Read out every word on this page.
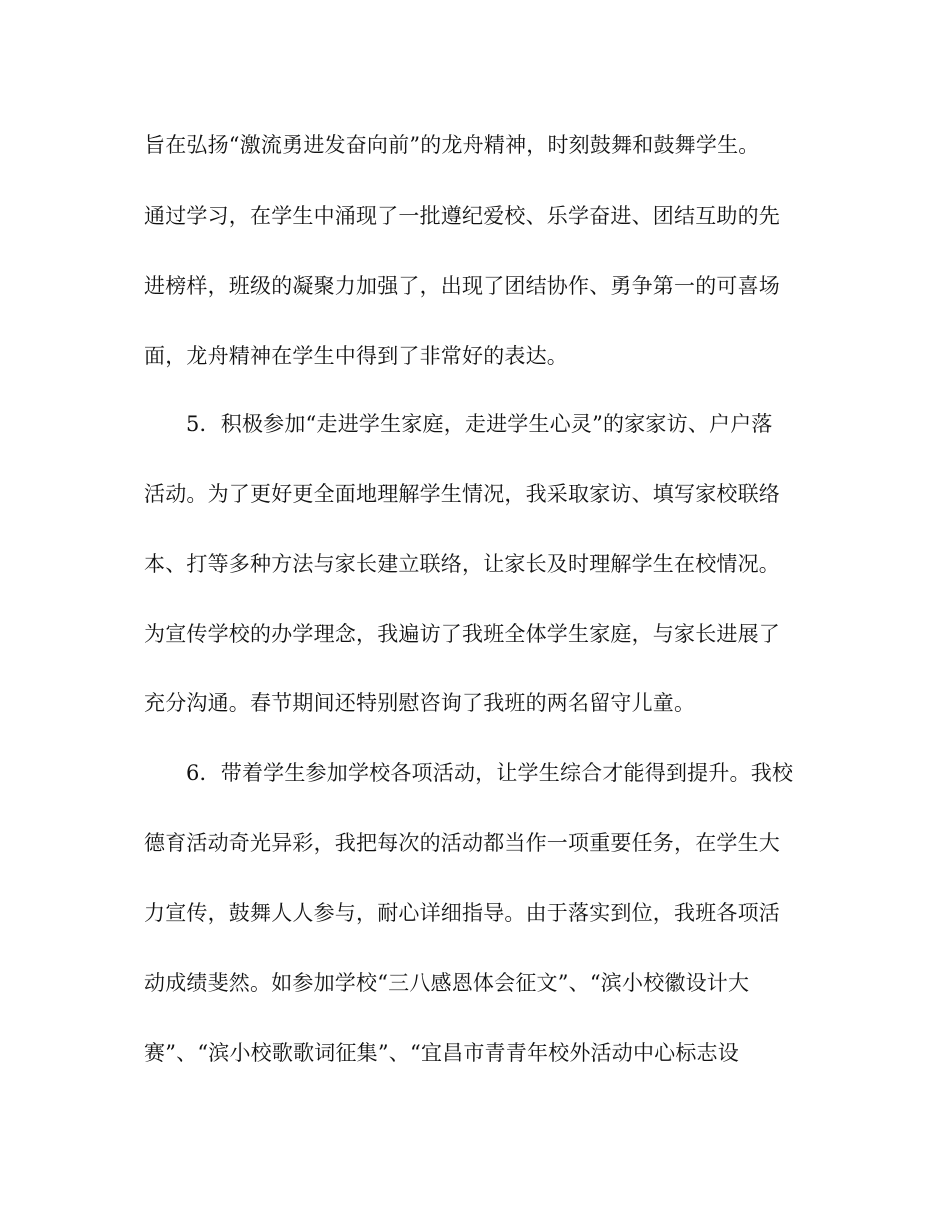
旨在弘扬“激流勇进发奋向前”的龙舟精神，时刻鼓舞和鼓舞学生。
通过学习，在学生中涌现了一批遵纪爱校、乐学奋进、团结互助的先
进榜样，班级的凝聚力加强了，出现了团结协作、勇争第一的可喜场
面，龙舟精神在学生中得到了非常好的表达。
5．积极参加“走进学生家庭，走进学生心灵”的家家访、户户落
活动。为了更好更全面地理解学生情况，我采取家访、填写家校联络
本、打等多种方法与家长建立联络，让家长及时理解学生在校情况。
为宣传学校的办学理念，我遍访了我班全体学生家庭，与家长进展了
充分沟通。春节期间还特别慰咨询了我班的两名留守儿童。
6．带着学生参加学校各项活动，让学生综合才能得到提升。我校
德育活动奇光异彩，我把每次的活动都当作一项重要任务，在学生大
力宣传，鼓舞人人参与，耐心详细指导。由于落实到位，我班各项活
动成绩斐然。如参加学校“三八感恩体会征文”、“滨小校徽设计大
赛”、“滨小校歌歌词征集”、“宜昌市青青年校外活动中心标志设
